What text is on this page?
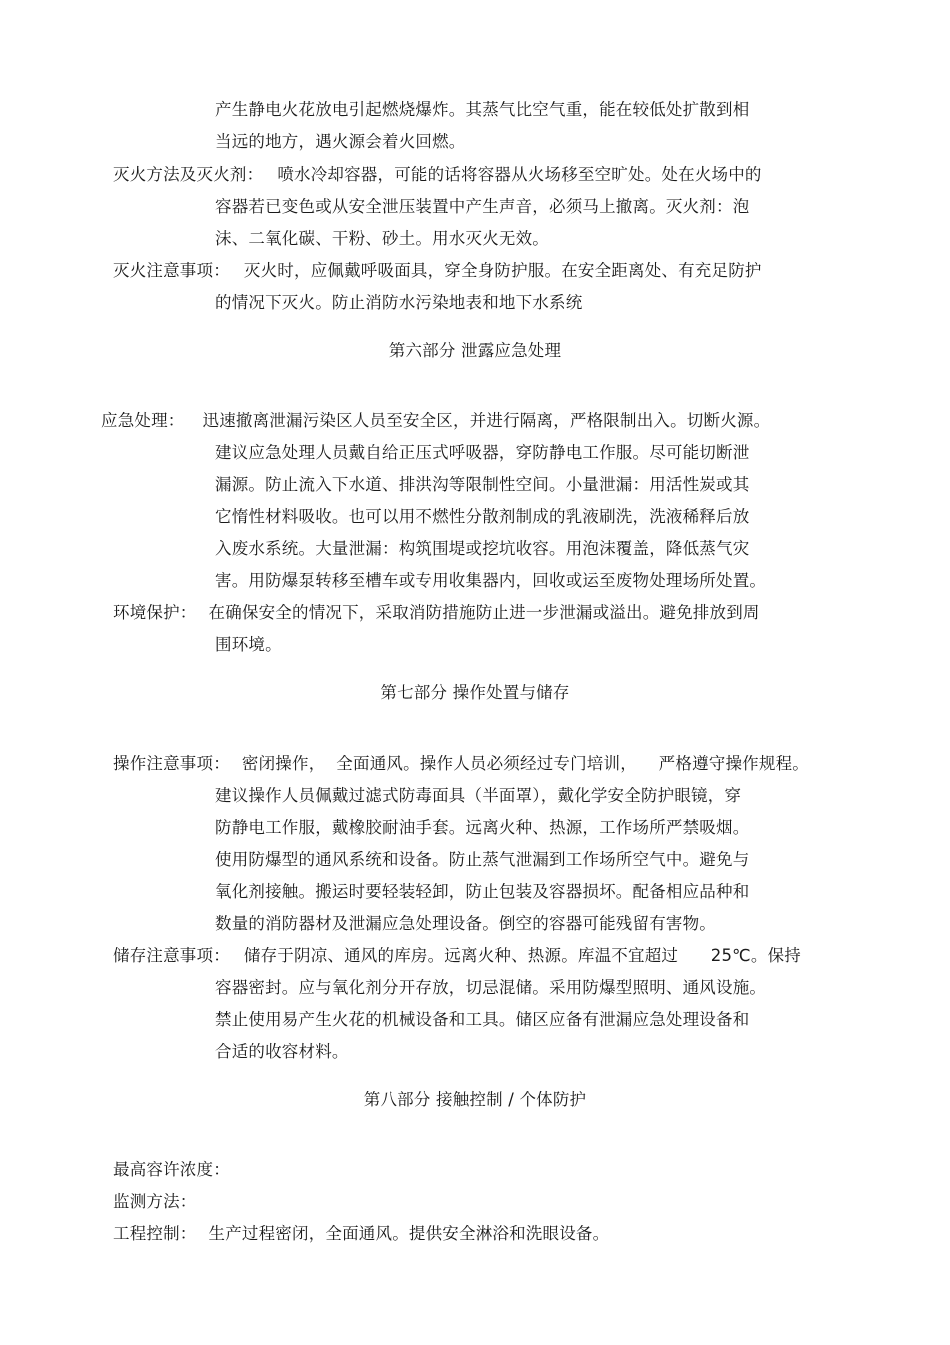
产生静电火花放电引起燃烧爆炸。其蒸气比空气重，能在较低处扩散到相
当远的地方，遇火源会着火回燃。
灭火方法及灭火剂： 喷水冷却容器，可能的话将容器从火场移至空旷处。处在火场中的
容器若已变色或从安全泄压装置中产生声音，必须马上撤离。灭火剂：泡
沫、二氧化碳、干粉、砂土。用水灭火无效。
灭火注意事项： 灭火时，应佩戴呼吸面具，穿全身防护服。在安全距离处、有充足防护
的情况下灭火。防止消防水污染地表和地下水系统
第六部分 泄露应急处理
应急处理： 迅速撤离泄漏污染区人员至安全区，并进行隔离，严格限制出入。切断火源。
建议应急处理人员戴自给正压式呼吸器，穿防静电工作服。尽可能切断泄
漏源。防止流入下水道、排洪沟等限制性空间。小量泄漏：用活性炭或其
它惰性材料吸收。也可以用不燃性分散剂制成的乳液刷洗，洗液稀释后放
入废水系统。大量泄漏：构筑围堤或挖坑收容。用泡沫覆盖，降低蒸气灾
害。用防爆泵转移至槽车或专用收集器内，回收或运至废物处理场所处置。
环境保护： 在确保安全的情况下，采取消防措施防止进一步泄漏或溢出。避免排放到周
围环境。
第七部分 操作处置与储存
操作注意事项： 密闭操作，  全面通风。操作人员必须经过专门培训，    严格遵守操作规程。
建议操作人员佩戴过滤式防毒面具（半面罩），戴化学安全防护眼镜，穿
防静电工作服，戴橡胶耐油手套。远离火种、热源，工作场所严禁吸烟。
使用防爆型的通风系统和设备。防止蒸气泄漏到工作场所空气中。避免与
氧化剂接触。搬运时要轻装轻卸，防止包装及容器损坏。配备相应品种和
数量的消防器材及泄漏应急处理设备。倒空的容器可能残留有害物。
储存注意事项： 储存于阴凉、通风的库房。远离火种、热源。库温不宜超过      25℃。保持
容器密封。应与氧化剂分开存放，切忌混储。采用防爆型照明、通风设施。
禁止使用易产生火花的机械设备和工具。储区应备有泄漏应急处理设备和
合适的收容材料。
第八部分 接触控制 / 个体防护
最高容许浓度：
监测方法：
工程控制： 生产过程密闭，全面通风。提供安全淋浴和洗眼设备。
